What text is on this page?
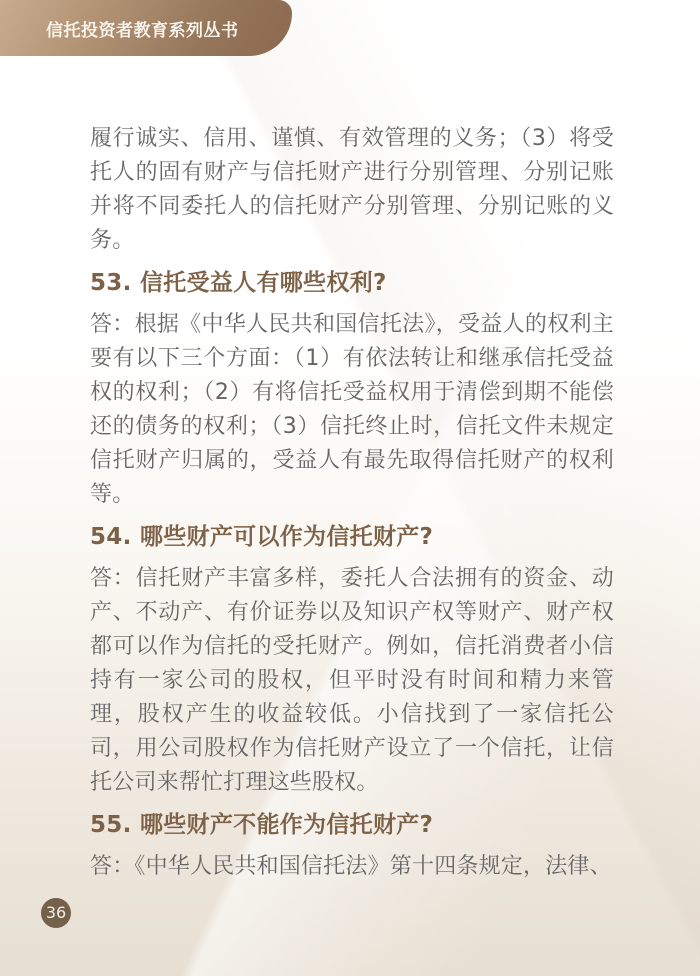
信托投资者教育系列丛书

履行诚实、信用、谨慎、有效管理的义务；（3）将受托人的固有财产与信托财产进行分别管理、分别记账并将不同委托人的信托财产分别管理、分别记账的义务。

53. 信托受益人有哪些权利?

答：根据《中华人民共和国信托法》，受益人的权利主要有以下三个方面：（1）有依法转让和继承信托受益权的权利；（2）有将信托受益权用于清偿到期不能偿还的债务的权利；（3）信托终止时，信托文件未规定信托财产归属的，受益人有最先取得信托财产的权利等。

54. 哪些财产可以作为信托财产?

答：信托财产丰富多样，委托人合法拥有的资金、动产、不动产、有价证券以及知识产权等财产、财产权都可以作为信托的受托财产。例如，信托消费者小信持有一家公司的股权，但平时没有时间和精力来管理，股权产生的收益较低。小信找到了一家信托公司，用公司股权作为信托财产设立了一个信托，让信托公司来帮忙打理这些股权。

55. 哪些财产不能作为信托财产?

答：《中华人民共和国信托法》第十四条规定，法律、

36
